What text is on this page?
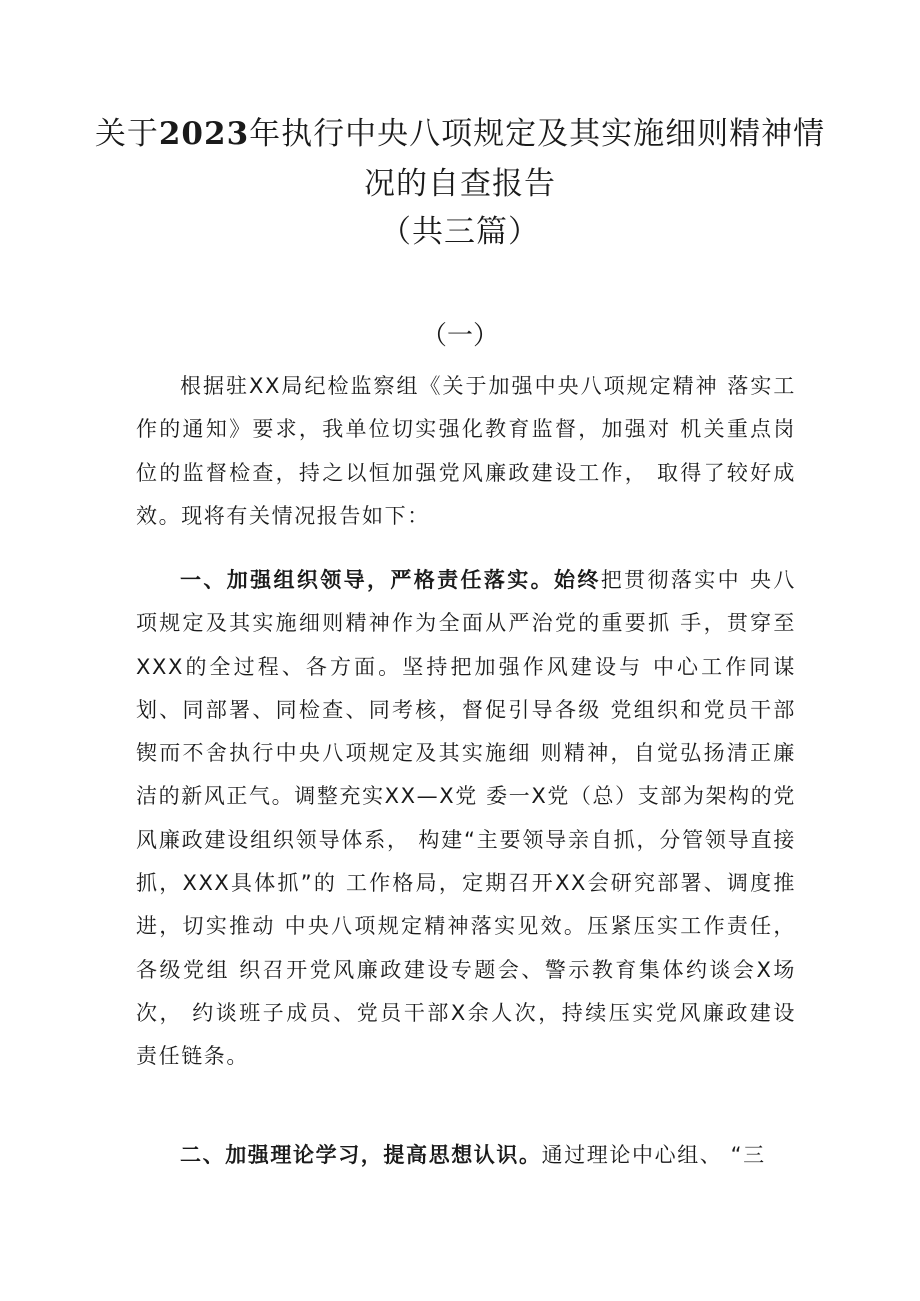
关于2023年执行中央八项规定及其实施细则精神情
况的自查报告
（共三篇）
（一）

根据驻XX局纪检监察组《关于加强中央八项规定精神 落实工作的通知》要求，我单位切实强化教育监督，加强对 机关重点岗位的监督检查，持之以恒加强党风廉政建设工作， 取得了较好成效。现将有关情况报告如下：

一、加强组织领导，严格责任落实。始终把贯彻落实中 央八项规定及其实施细则精神作为全面从严治党的重要抓 手，贯穿至XXX的全过程、各方面。坚持把加强作风建设与 中心工作同谋划、同部署、同检查、同考核，督促引导各级 党组织和党员干部锲而不舍执行中央八项规定及其实施细 则精神，自觉弘扬清正廉洁的新风正气。调整充实XX—X党 委一X党（总）支部为架构的党风廉政建设组织领导体系， 构建“主要领导亲自抓，分管领导直接抓，XXX具体抓”的 工作格局，定期召开XX会研究部署、调度推进，切实推动 中央八项规定精神落实见效。压紧压实工作责任，各级党组 织召开党风廉政建设专题会、警示教育集体约谈会X场次， 约谈班子成员、党员干部X余人次，持续压实党风廉政建设 责任链条。

二、加强理论学习，提高思想认识。通过理论中心组、 “三
